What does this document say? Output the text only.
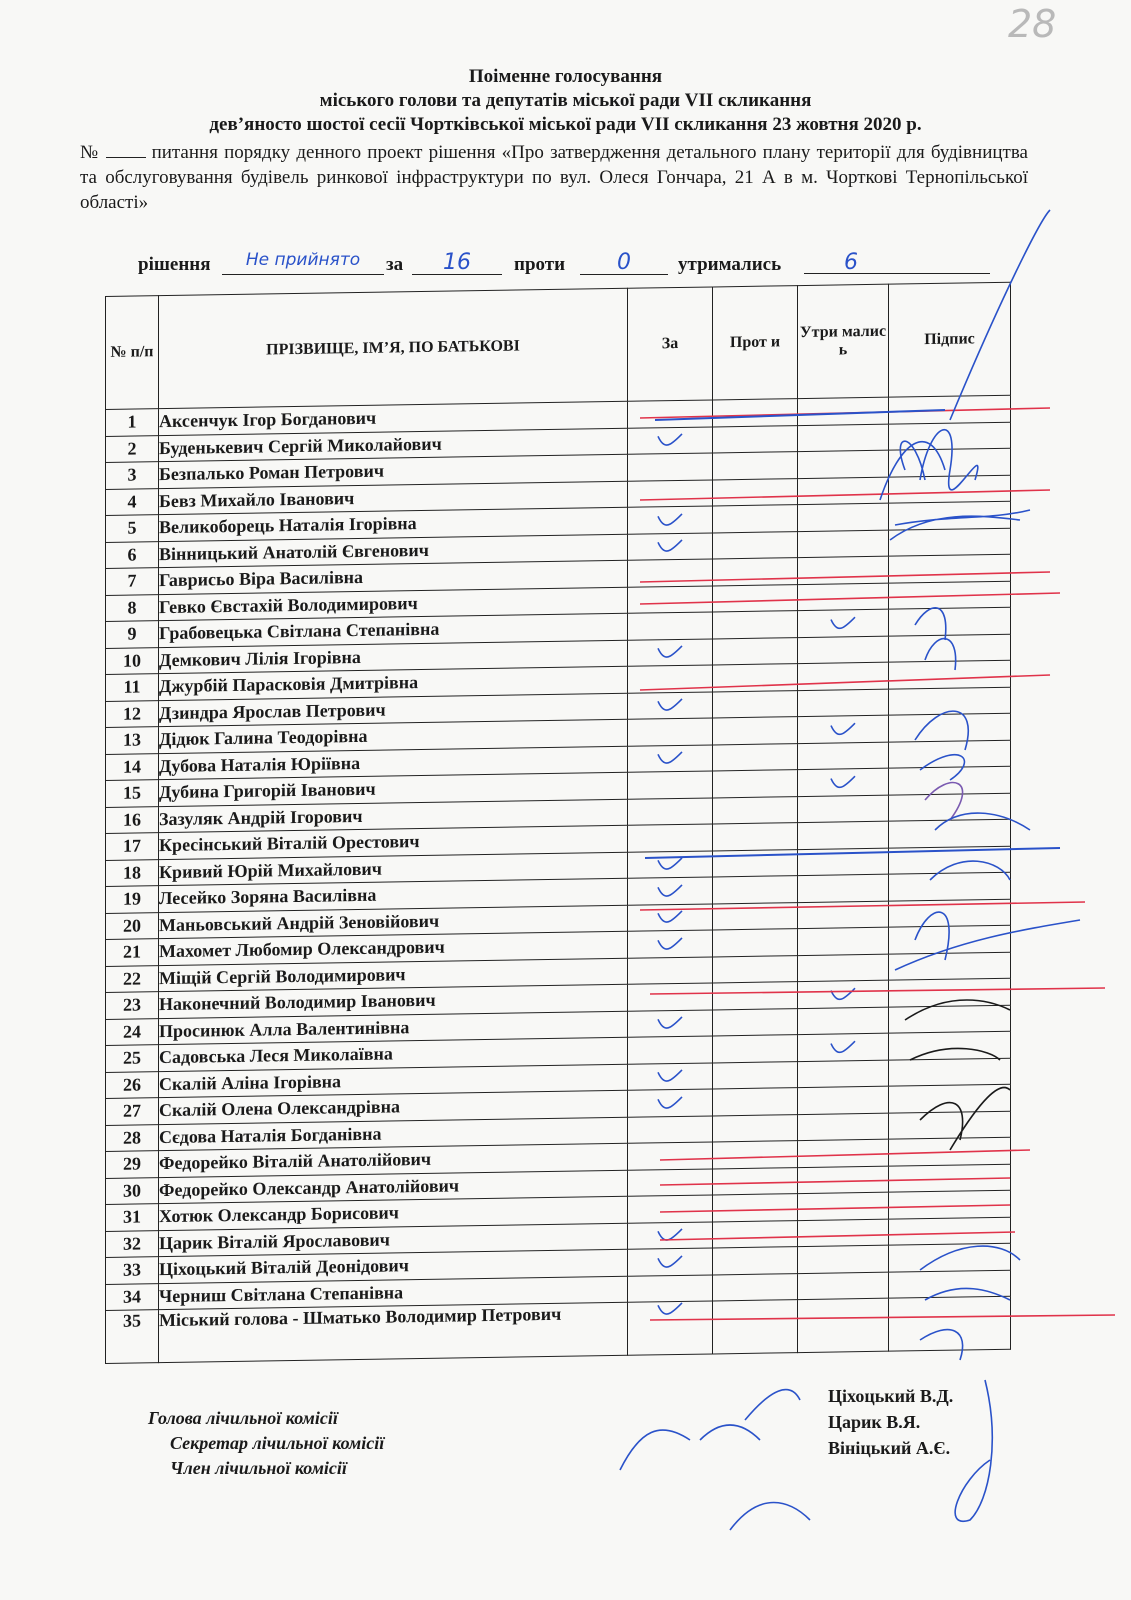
28
Поіменне голосування
міського голови та депутатів міської ради VII скликання
дев’яносто шостої сесії Чортківської міської ради VII скликання 23 жовтня 2020 р.
№	питання порядку денного проект рішення «Про затвердження детального плану території для будівництва та обслуговування будівель ринкової інфраструктури по вул. Олеся Гончара, 21 А в м. Чорткові Тернопільської області»
рішення	Не прийнято	за	16	проти	0	утримались	6
№ п/п	ПРІЗВИЩЕ, ІМ’Я, ПО БАТЬКОВІ	За	Прот и	Утри малис ь	Підпис
1	Аксенчук Ігор Богданович				
2	Буденькевич Сергій Миколайович	

3	Безпалько Роман Петрович				
4	Бевз Михайло Іванович				
5	Великоборець Наталія Ігорівна	

6	Вінницький Анатолій Євгенович	

7	Гаврисьо Віра Василівна				
8	Гевко Євстахій Володимирович				
9	Грабовецька Світлана Степанівна			

10	Демкович Лілія Ігорівна	

11	Джурбій Парасковія Дмитрівна				
12	Дзиндра Ярослав Петрович	

13	Дідюк Галина Теодорівна			

14	Дубова Наталія Юріївна	

15	Дубина Григорій Іванович			

16	Зазуляк Андрій Ігорович				
17	Кресінський Віталій Орестович				
18	Кривий Юрій Михайлович	

19	Лесейко Зоряна Василівна	

20	Маньовський Андрій Зеновійович	

21	Махомет Любомир Олександрович	

22	Міщій Сергій Володимирович				
23	Наконечний Володимир Іванович			

24	Просинюк Алла Валентинівна	

25	Садовська Леся Миколаївна			

26	Скалій Аліна Ігорівна	

27	Скалій Олена Олександрівна	

28	Сєдова Наталія Богданівна				
29	Федорейко Віталій Анатолійович				
30	Федорейко Олександр Анатолійович				
31	Хотюк Олександр Борисович				
32	Царик Віталій Ярославович	

33	Ціхоцький Віталій Деонідович	

34	Черниш Світлана Степанівна				
35	Міський голова - Шматько Володимир Петрович	

Голова лічильної комісії
Секретар лічильної комісії
Член лічильної комісії
Ціхоцький В.Д.
Царик В.Я.
Вініцький А.Є.
